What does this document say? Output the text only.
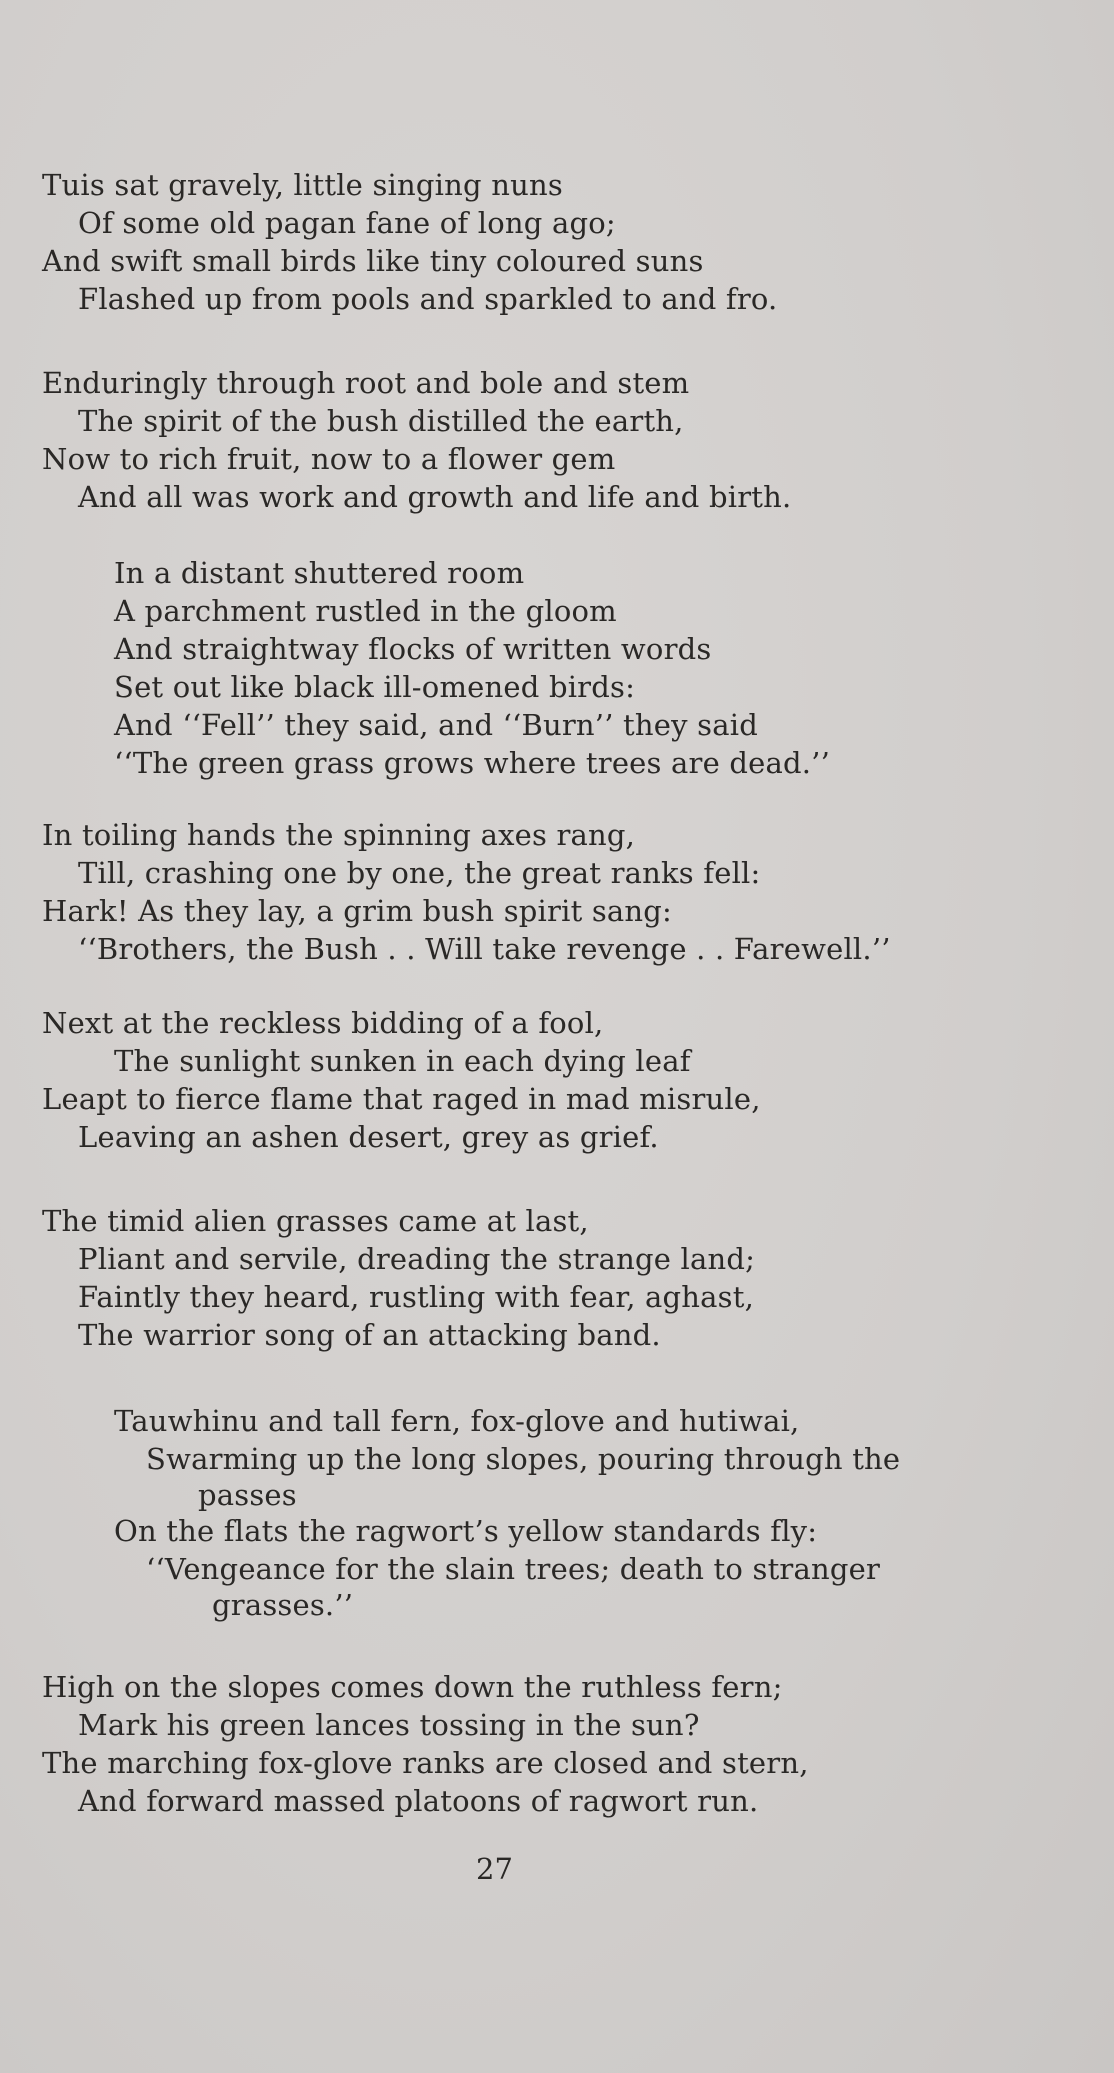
Tuis sat gravely, little singing nuns
Of some old pagan fane of long ago;
And swift small birds like tiny coloured suns
Flashed up from pools and sparkled to and fro.
Enduringly through root and bole and stem
The spirit of the bush distilled the earth,
Now to rich fruit, now to a flower gem
And all was work and growth and life and birth.
In a distant shuttered room
A parchment rustled in the gloom
And straightway flocks of written words
Set out like black ill-omened birds:
And ‘‘Fell’’ they said, and ‘‘Burn’’ they said
‘‘The green grass grows where trees are dead.’’
In toiling hands the spinning axes rang,
Till, crashing one by one, the great ranks fell:
Hark! As they lay, a grim bush spirit sang:
‘‘Brothers, the Bush . . Will take revenge . . Farewell.’’
Next at the reckless bidding of a fool,
The sunlight sunken in each dying leaf
Leapt to fierce flame that raged in mad misrule,
Leaving an ashen desert, grey as grief.
The timid alien grasses came at last,
Pliant and servile, dreading the strange land;
Faintly they heard, rustling with fear, aghast,
The warrior song of an attacking band.
Tauwhinu and tall fern, fox-glove and hutiwai,
Swarming up the long slopes, pouring through the
passes
On the flats the ragwort’s yellow standards fly:
‘‘Vengeance for the slain trees; death to stranger
grasses.’’
High on the slopes comes down the ruthless fern;
Mark his green lances tossing in the sun?
The marching fox-glove ranks are closed and stern,
And forward massed platoons of ragwort run.
27
